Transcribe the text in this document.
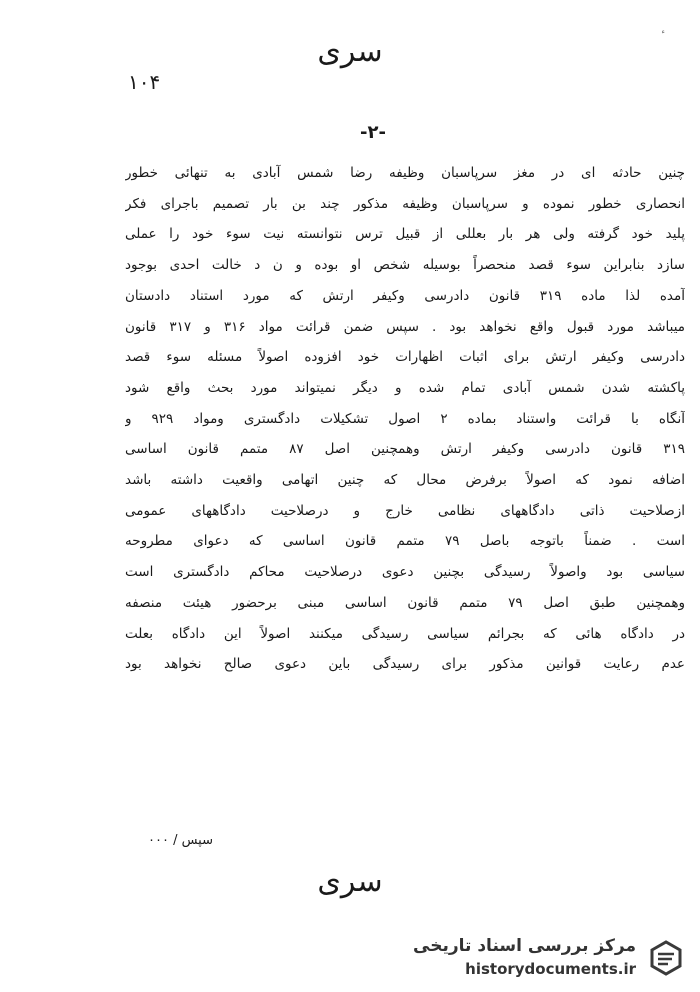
سری
۱۰۴
-۲-
چنین حادثه ای در مغز سرپاسبان وظیفه رضا شمس آبادی به تنهائی خطور
انحصاری خطور نموده و سرپاسبان وظیفه مذکور چند بن بار تصمیم باجرای فکر
پلید خود گرفته ولی هر بار بعللی از قبیل ترس نتوانسته نیت سوء خود را عملی
سازد بنابراین سوء قصد منحصراً بوسیله شخص او بوده و ن د خالت احدی بوجود
آمده لذا ماده ۳۱۹ قانون دادرسی وکیفر ارتش که مورد استناد دادستان
میباشد مورد قبول واقع نخواهد بود . سپس ضمن قرائت مواد ۳۱۶ و ۳۱۷ قانون
دادرسی وکیفر ارتش برای اثبات اظهارات خود افزوده اصولاً مسئله سوء قصد
پاکشته شدن شمس آبادی تمام شده و دیگر نمیتواند مورد بحث واقع شود
آنگاه با قرائت واستناد بماده ۲ اصول تشکیلات دادگستری ومواد ۹۲۹ و
۳۱۹ قانون دادرسی وکیفر ارتش وهمچنین اصل ۸۷ متمم قانون اساسی
اضافه نمود که اصولاً برفرض محال که چنین اتهامی واقعیت داشته باشد
ازصلاحیت ذاتی دادگاههای نظامی خارج و درصلاحیت دادگاههای عمومی
است . ضمناً باتوجه باصل ۷۹ متمم قانون اساسی که دعوای مطروحه
سیاسی بود واصولاً رسیدگی بچنین دعوی درصلاحیت محاکم دادگستری است
وهمچنین طبق اصل ۷۹ متمم قانون اساسی مبنی برحضور هیئت منصفه
در دادگاه هائی که بجرائم سیاسی رسیدگی میکنند اصولاً این دادگاه بعلت
عدم رعایت قوانین مذکور برای رسیدگی باین دعوی صالح نخواهد بود
سپس / ۰۰۰
سری
مرکز بررسی اسناد تاریخی
historydocuments.ir
